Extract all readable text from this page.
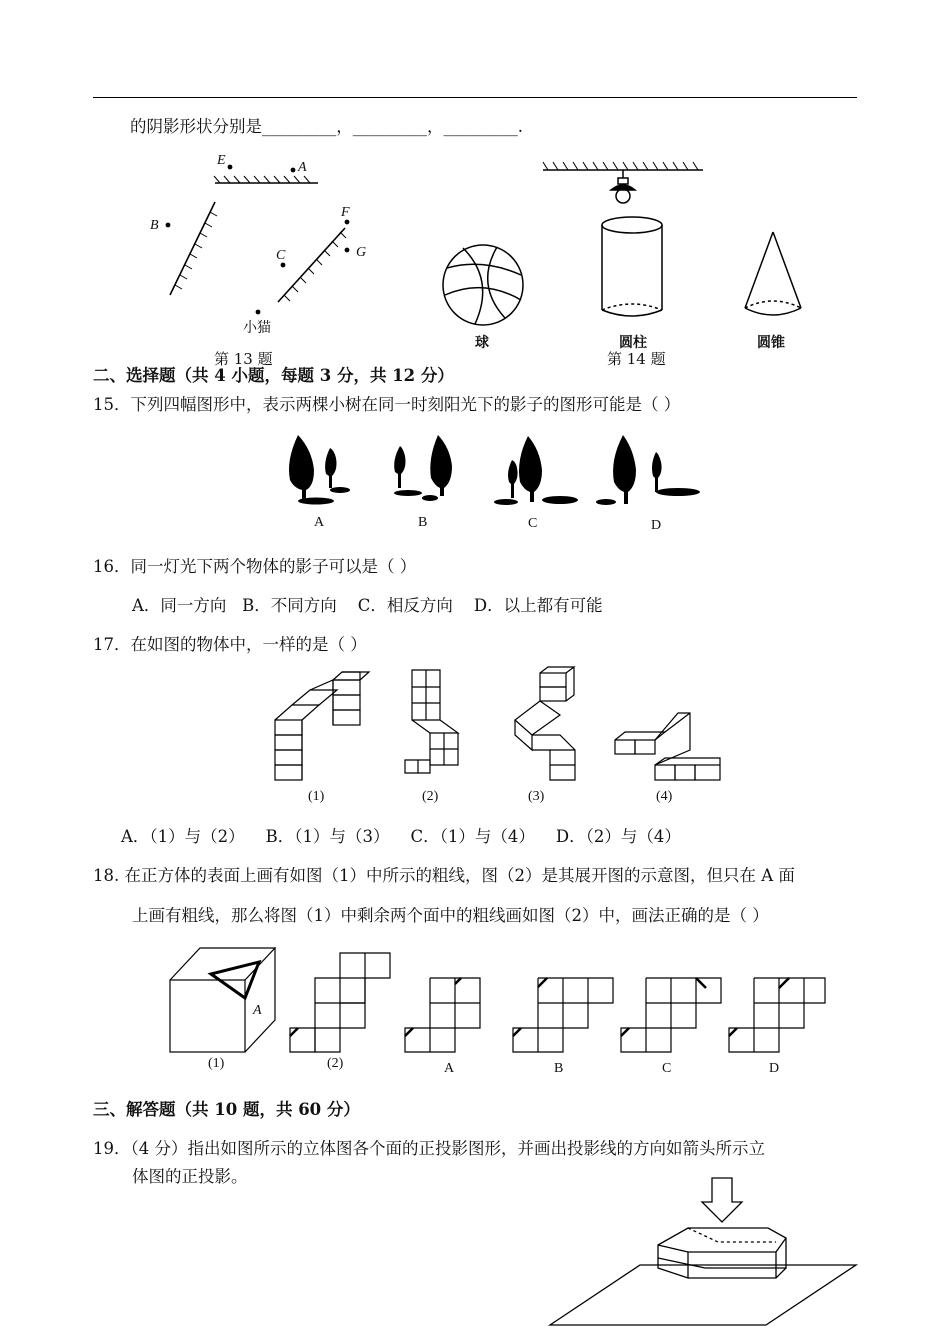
的阴影形状分别是_________，_________，_________.
E	A
B
F
C	G
小猫
第 13 题
球	圆柱	圆锥
第 14 题
二、选择题（共 4 小题，每题 3 分，共 12 分）
15．下列四幅图形中，表示两棵小树在同一时刻阳光下的影子的图形可能是（ ）
A	B	C	D
16．同一灯光下两个物体的影子可以是（ ）
A．同一方向   B．不同方向    C．相反方向    D．以上都有可能
17．在如图的物体中，一样的是（ ）
(1)	(2)	(3)	(4)
A．（1）与（2）    B．（1）与（3）    C．（1）与（4）    D．（2）与（4）
18. 在正方体的表面上画有如图（1）中所示的粗线，图（2）是其展开图的示意图，但只在 A 面
上画有粗线，那么将图（1）中剩余两个面中的粗线画如图（2）中，画法正确的是（ ）
A
(1)	(2)	A	B	C	D
三、解答题（共 10 题，共 60 分）
19．（4 分）指出如图所示的立体图各个面的正投影图形，并画出投影线的方向如箭头所示立
体图的正投影。
